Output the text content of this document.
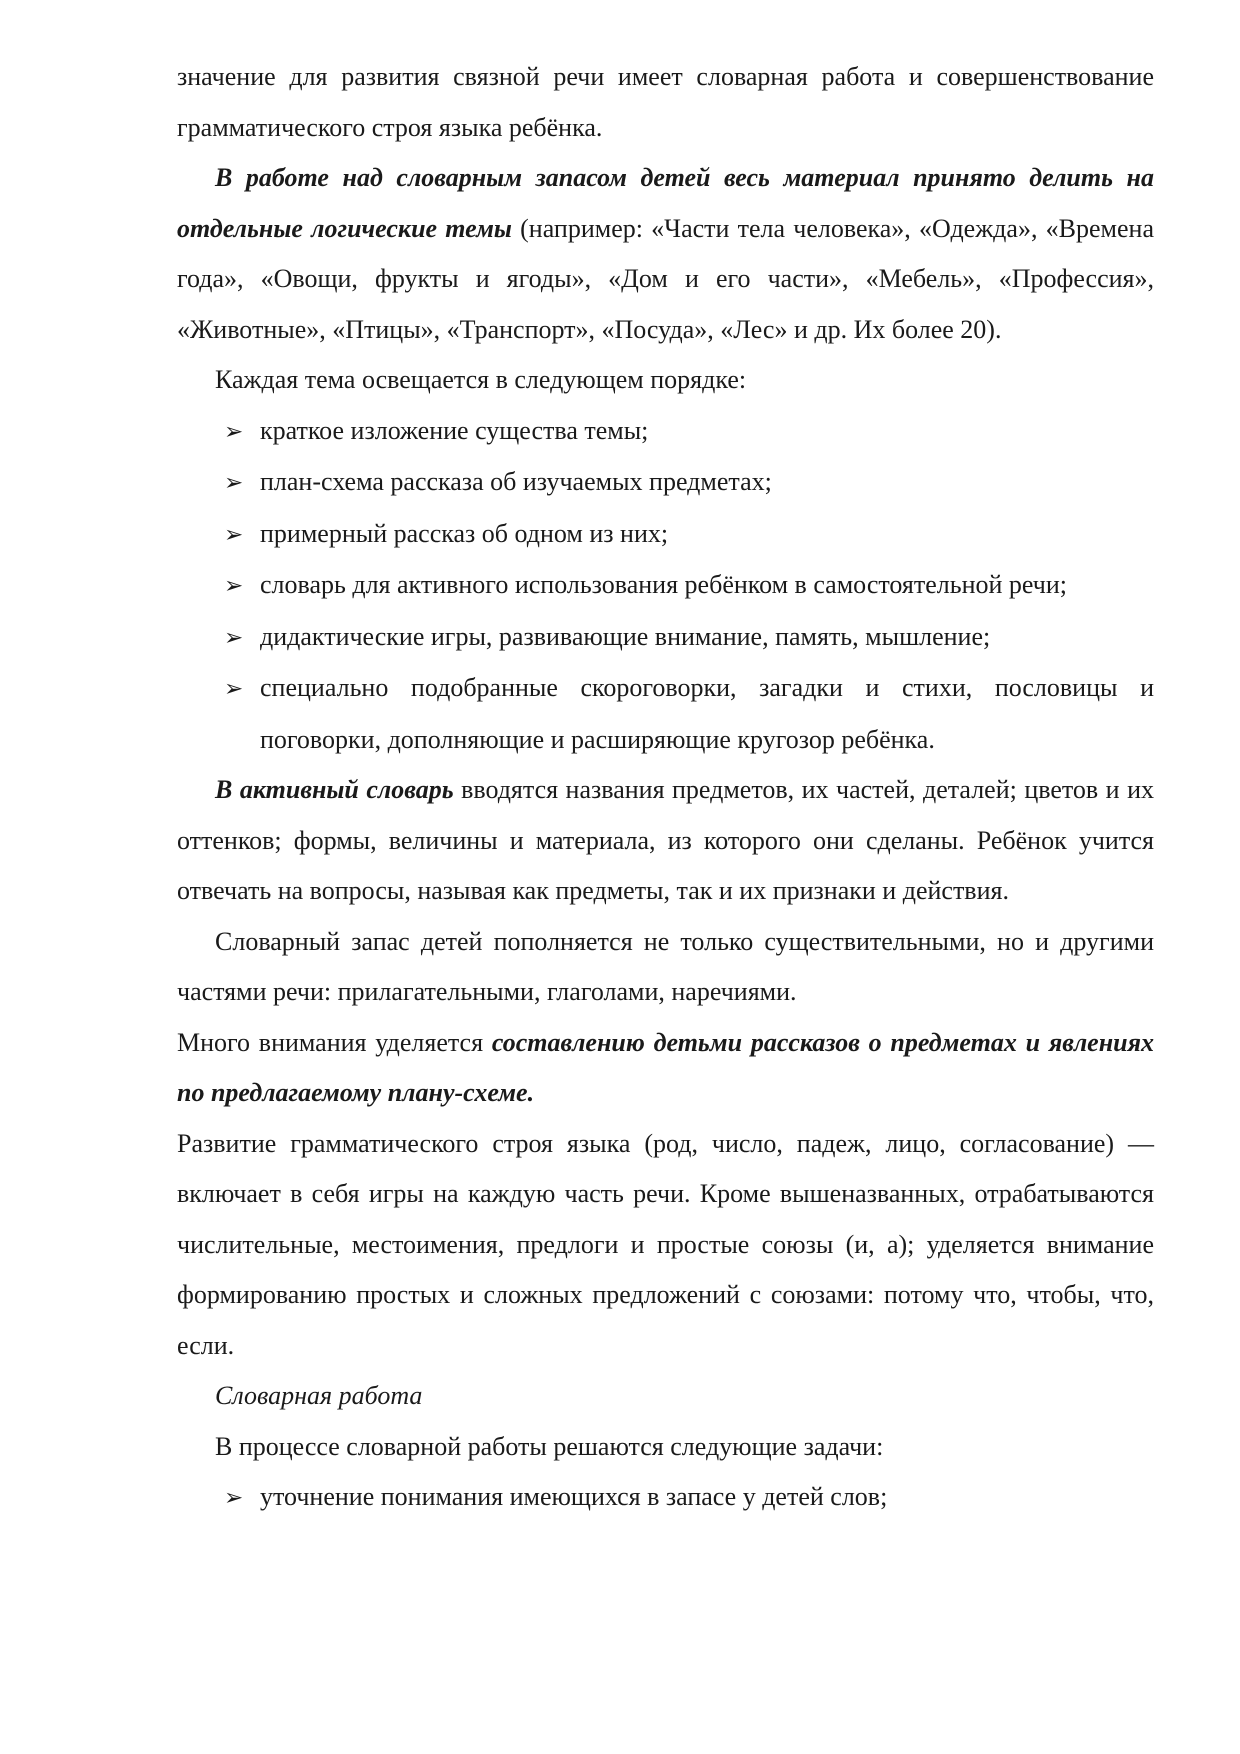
значение для развития связной речи имеет словарная работа и совершенствование грамматического строя языка ребёнка.

В работе над словарным запасом детей весь материал принято делить на отдельные логические темы (например: «Части тела человека», «Одежда», «Времена года», «Овощи, фрукты и ягоды», «Дом и его части», «Мебель», «Профессия», «Животные», «Птицы», «Транспорт», «Посуда», «Лес» и др. Их более 20).

Каждая тема освещается в следующем порядке:

➢ краткое изложение существа темы;
➢ план-схема рассказа об изучаемых предметах;
➢ примерный рассказ об одном из них;
➢ словарь для активного использования ребёнком в самостоятельной речи;
➢ дидактические игры, развивающие внимание, память, мышление;
➢ специально подобранные скороговорки, загадки и стихи, пословицы и поговорки, дополняющие и расширяющие кругозор ребёнка.

В активный словарь вводятся названия предметов, их частей, деталей; цветов и их оттенков; формы, величины и материала, из которого они сделаны. Ребёнок учится отвечать на вопросы, называя как предметы, так и их признаки и действия.

Словарный запас детей пополняется не только существительными, но и другими частями речи: прилагательными, глаголами, наречиями.

Много внимания уделяется составлению детьми рассказов о предметах и явлениях по предлагаемому плану-схеме.

Развитие грамматического строя языка (род, число, падеж, лицо, согласование) — включает в себя игры на каждую часть речи. Кроме вышеназванных, отрабатываются числительные, местоимения, предлоги и простые союзы (и, а); уделяется внимание формированию простых и сложных предложений с союзами: потому что, чтобы, что, если.

Словарная работа

В процессе словарной работы решаются следующие задачи:

➢ уточнение понимания имеющихся в запасе у детей слов;
